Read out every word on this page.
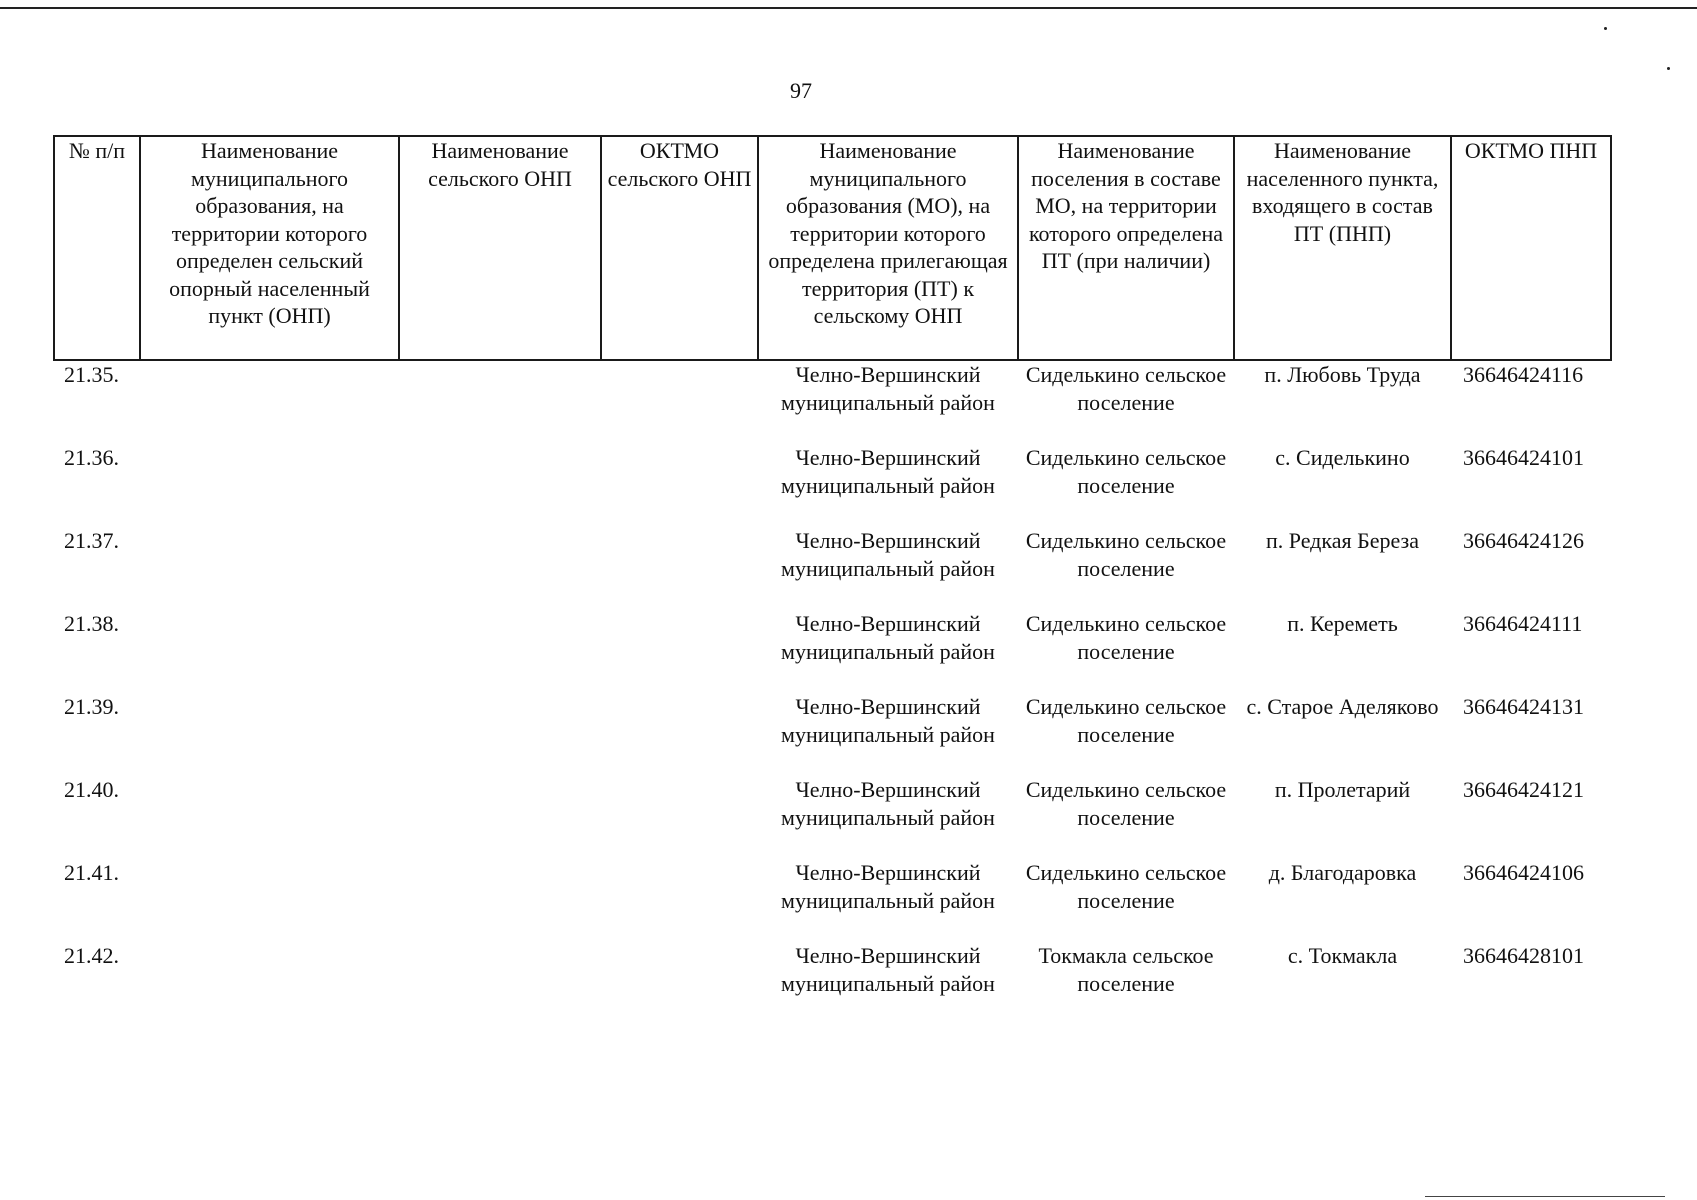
97
№ п/п	Наименование муниципального образования, на территории которого определен сельский опорный населенный пункт (ОНП)	Наименование сельского ОНП	ОКТМО сельского ОНП	Наименование муниципального образования (МО), на территории которого определена прилегающая территория (ПТ) к сельскому ОНП	Наименование поселения в составе МО, на территории которого определена ПТ (при наличии)	Наименование населенного пункта, входящего в состав ПТ (ПНП)	ОКТМО ПНП
21.35.				Челно-Вершинский муниципальный район	Сиделькино сельское поселение	п. Любовь Труда	36646424116
21.36.				Челно-Вершинский муниципальный район	Сиделькино сельское поселение	с. Сиделькино	36646424101
21.37.				Челно-Вершинский муниципальный район	Сиделькино сельское поселение	п. Редкая Береза	36646424126
21.38.				Челно-Вершинский муниципальный район	Сиделькино сельское поселение	п. Кереметь	36646424111
21.39.				Челно-Вершинский муниципальный район	Сиделькино сельское поселение	с. Старое Аделяково	36646424131
21.40.				Челно-Вершинский муниципальный район	Сиделькино сельское поселение	п. Пролетарий	36646424121
21.41.				Челно-Вершинский муниципальный район	Сиделькино сельское поселение	д. Благодаровка	36646424106
21.42.				Челно-Вершинский муниципальный район	Токмакла сельское поселение	с. Токмакла	36646428101
